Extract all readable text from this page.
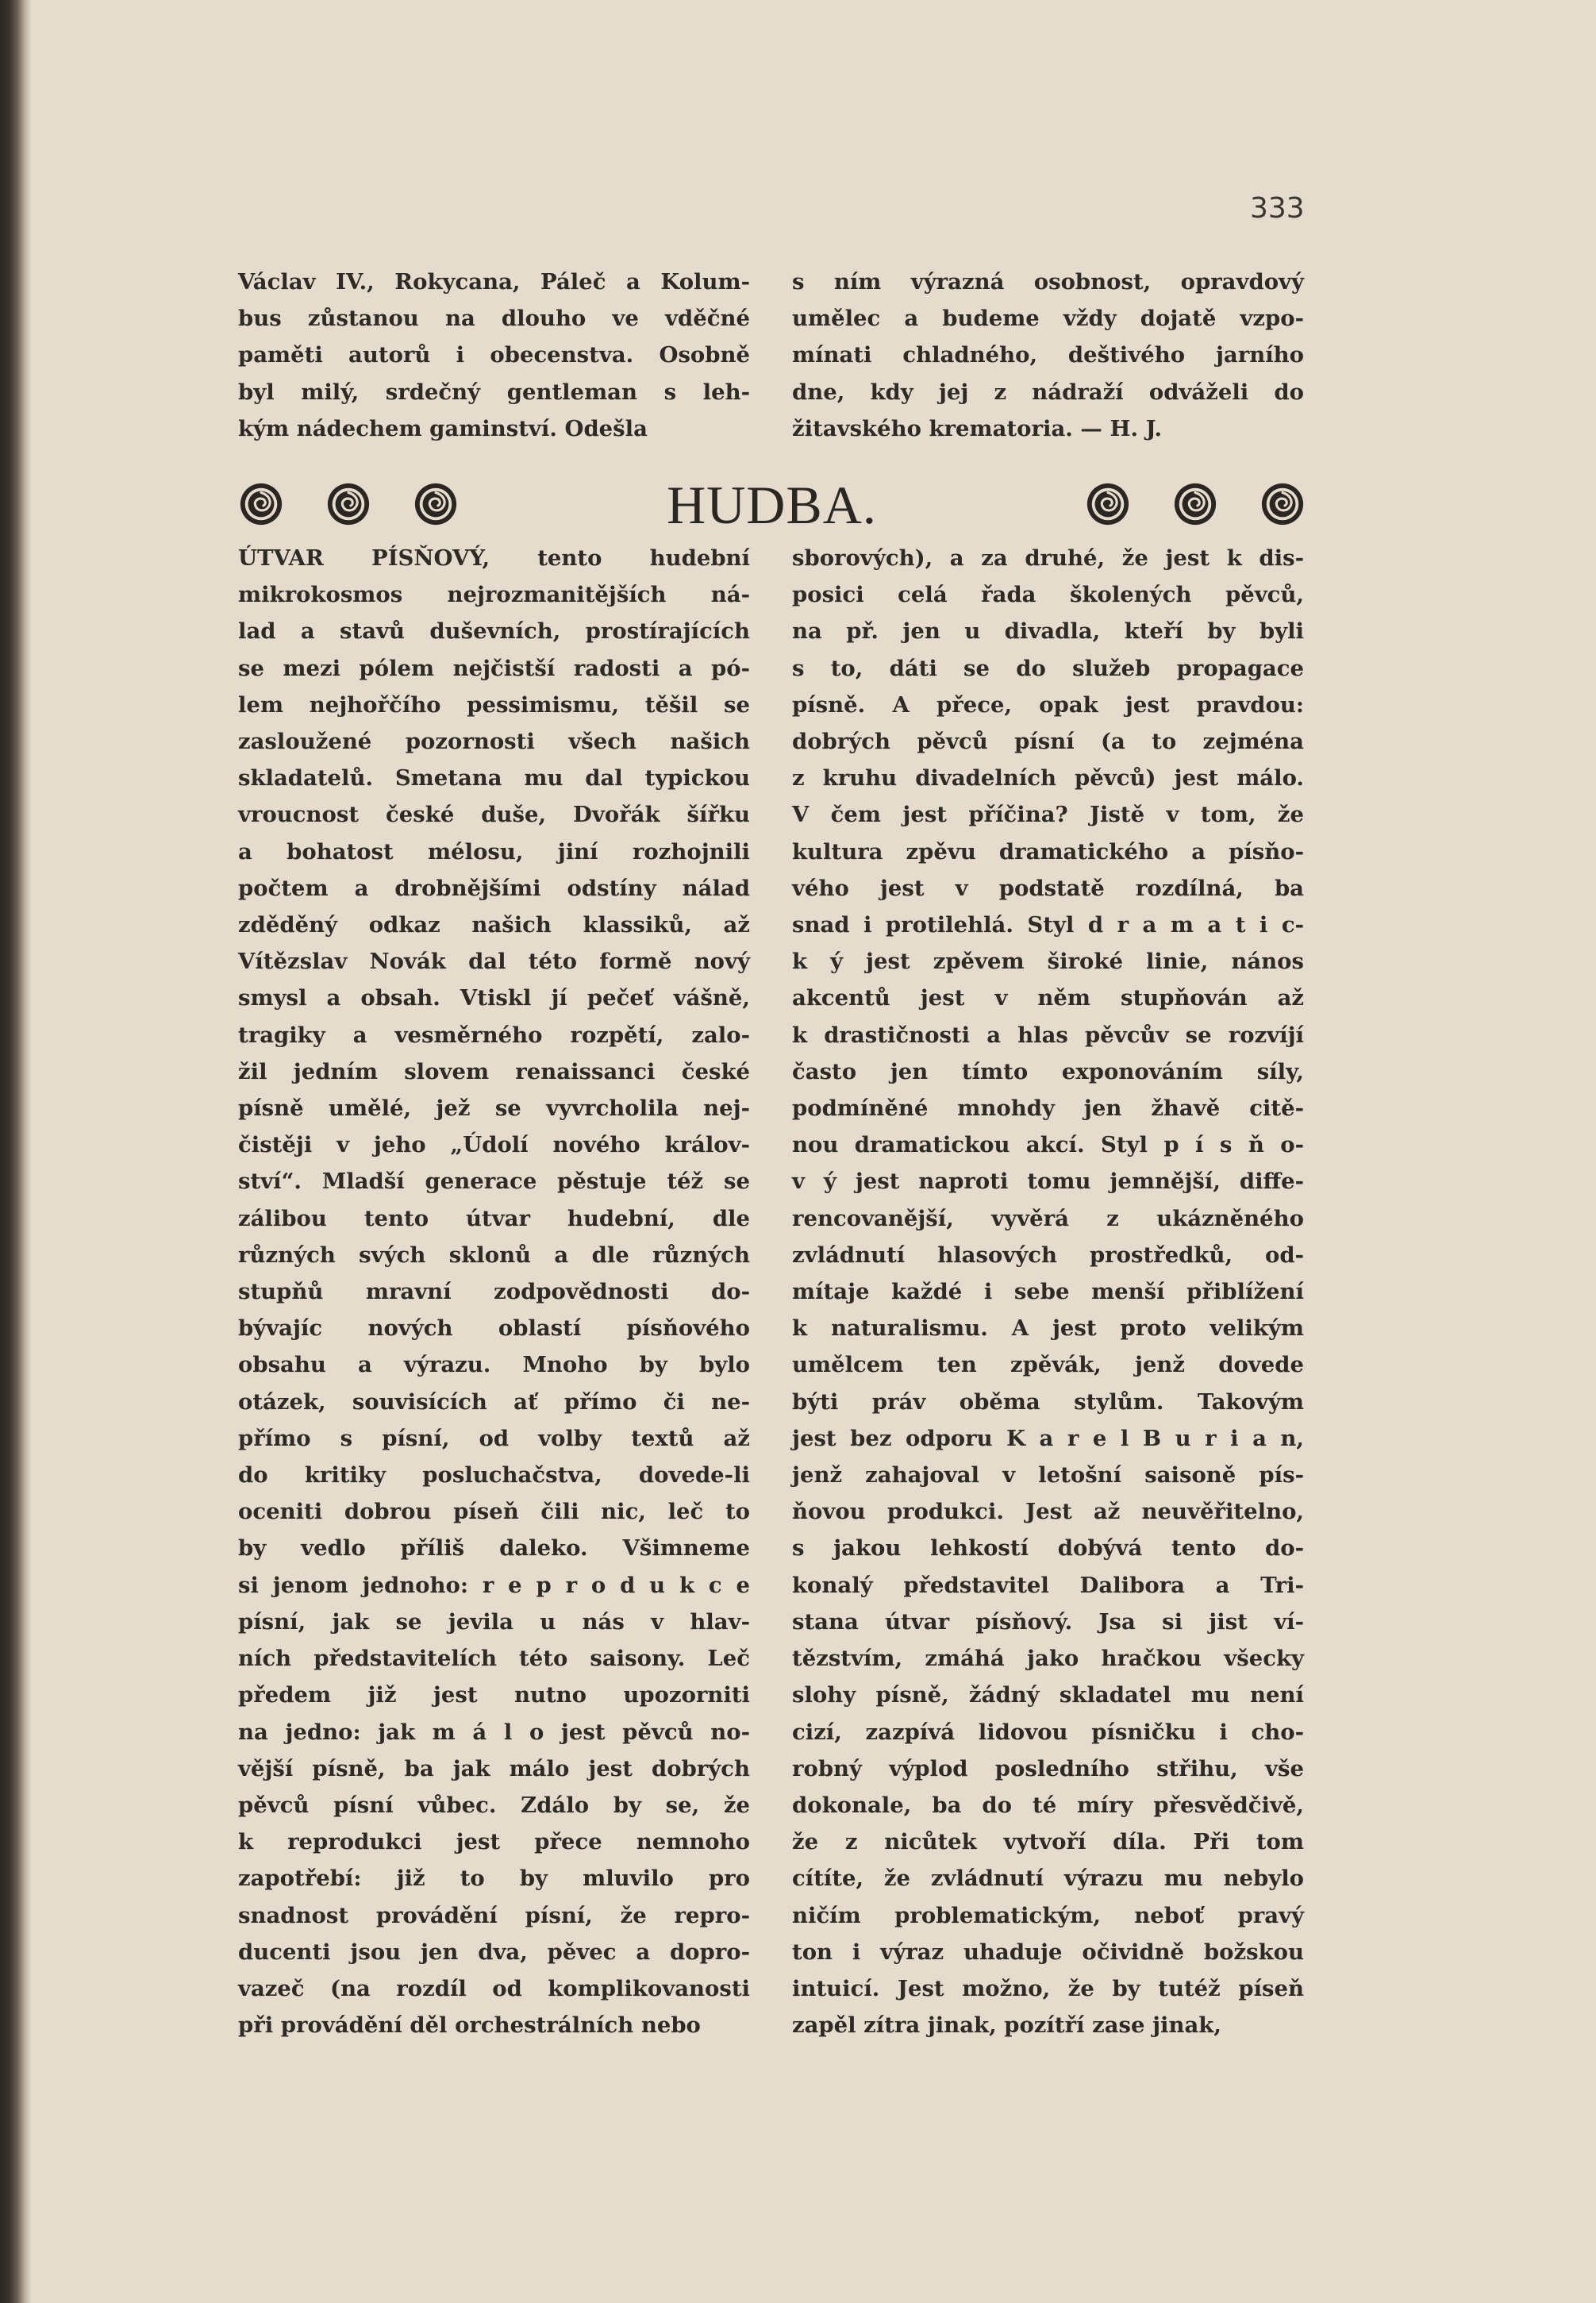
333
Václav IV., Rokycana, Páleč a Kolum-
bus zůstanou na dlouho ve vděčné
paměti autorů i obecenstva. Osobně
byl milý, srdečný gentleman s leh-
kým nádechem gaminství. Odešla
s ním výrazná osobnost, opravdový
umělec a budeme vždy dojatě vzpo-
mínati chladného, deštivého jarního
dne, kdy jej z nádraží odváželi do
žitavského krematoria. — H. J.
HUDBA.
ÚTVAR PÍSŇOVÝ, tento hudební
mikrokosmos nejrozmanitějších ná-
lad a stavů duševních, prostírajících
se mezi pólem nejčistší radosti a pó-
lem nejhořčího pessimismu, těšil se
zasloužené pozornosti všech našich
skladatelů. Smetana mu dal typickou
vroucnost české duše, Dvořák šířku
a bohatost mélosu, jiní rozhojnili
počtem a drobnějšími odstíny nálad
zděděný odkaz našich klassiků, až
Vítězslav Novák dal této formě nový
smysl a obsah. Vtiskl jí pečeť vášně,
tragiky a vesměrného rozpětí, zalo-
žil jedním slovem renaissanci české
písně umělé, jež se vyvrcholila nej-
čistěji v jeho „Údolí nového králov-
ství“. Mladší generace pěstuje též se
zálibou tento útvar hudební, dle
různých svých sklonů a dle různých
stupňů mravní zodpovědnosti do-
bývajíc nových oblastí písňového
obsahu a výrazu. Mnoho by bylo
otázek, souvisících ať přímo či ne-
přímo s písní, od volby textů až
do kritiky posluchačstva, dovede-li
oceniti dobrou píseň čili nic, leč to
by vedlo příliš daleko. Všimneme
si jenom jednoho: r e p r o d u k c e
písní, jak se jevila u nás v hlav-
ních představitelích této saisony. Leč
předem již jest nutno upozorniti
na jedno: jak m á l o jest pěvců no-
vější písně, ba jak málo jest dobrých
pěvců písní vůbec. Zdálo by se, že
k reprodukci jest přece nemnoho
zapotřebí: již to by mluvilo pro
snadnost provádění písní, že repro-
ducenti jsou jen dva, pěvec a dopro-
vazeč (na rozdíl od komplikovanosti
při provádění děl orchestrálních nebo
sborových), a za druhé, že jest k dis-
posici celá řada školených pěvců,
na př. jen u divadla, kteří by byli
s to, dáti se do služeb propagace
písně. A přece, opak jest pravdou:
dobrých pěvců písní (a to zejména
z kruhu divadelních pěvců) jest málo.
V čem jest příčina? Jistě v tom, že
kultura zpěvu dramatického a písňo-
vého jest v podstatě rozdílná, ba
snad i protilehlá. Styl d r a m a t i c-
k ý jest zpěvem široké linie, nános
akcentů jest v něm stupňován až
k drastičnosti a hlas pěvcův se rozvíjí
často jen tímto exponováním síly,
podmíněné mnohdy jen žhavě citě-
nou dramatickou akcí. Styl p í s ň o-
v ý jest naproti tomu jemnější, diffe-
rencovanější, vyvěrá z ukázněného
zvládnutí hlasových prostředků, od-
mítaje každé i sebe menší přiblížení
k naturalismu. A jest proto velikým
umělcem ten zpěvák, jenž dovede
býti práv oběma stylům. Takovým
jest bez odporu K a r e l B u r i a n,
jenž zahajoval v letošní saisoně pís-
ňovou produkci. Jest až neuvěřitelno,
s jakou lehkostí dobývá tento do-
konalý představitel Dalibora a Tri-
stana útvar písňový. Jsa si jist ví-
tězstvím, zmáhá jako hračkou všecky
slohy písně, žádný skladatel mu není
cizí, zazpívá lidovou písničku i cho-
robný výplod posledního střihu, vše
dokonale, ba do té míry přesvědčivě,
že z nicůtek vytvoří díla. Při tom
cítíte, že zvládnutí výrazu mu nebylo
ničím problematickým, neboť pravý
ton i výraz uhaduje očividně božskou
intuicí. Jest možno, že by tutéž píseň
zapěl zítra jinak, pozítří zase jinak,
